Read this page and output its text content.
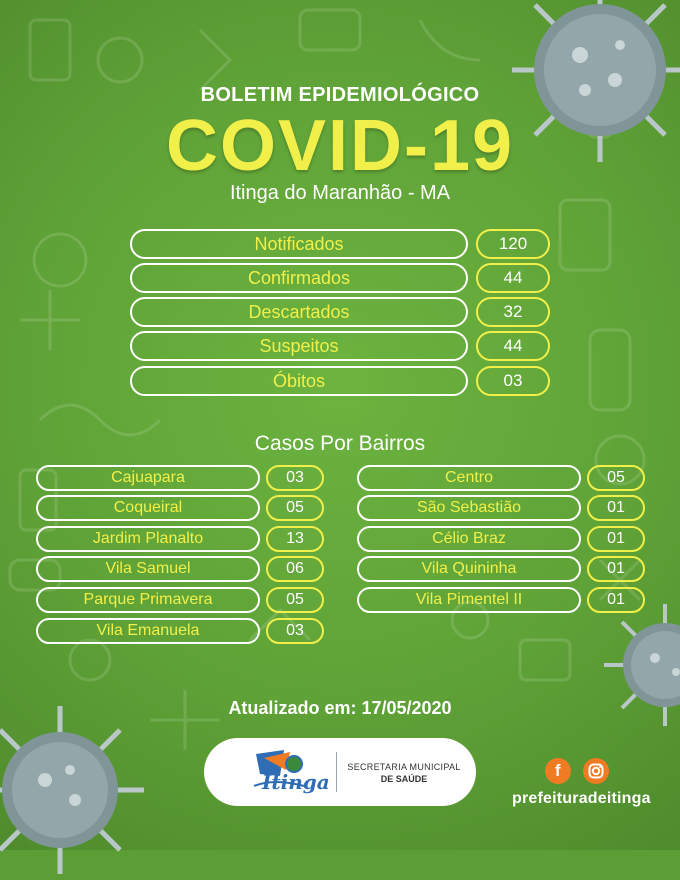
BOLETIM EPIDEMIOLÓGICO
COVID-19
Itinga do Maranhão - MA
Notificados	120
Confirmados	44
Descartados	32
Suspeitos	44
Óbitos	03
Casos Por Bairros
Cajuapara	03
Coqueiral	05
Jardim Planalto	13
Vila Samuel	06
Parque Primavera	05
Vila Emanuela	03
Centro	05
São Sebastião	01
Célio Braz	01
Vila Quininha	01
Vila Pimentel II	01
Atualizado em: 17/05/2020
Itinga
SECRETARIA MUNICIPAL
DE SAÚDE	f
prefeituradeitinga
